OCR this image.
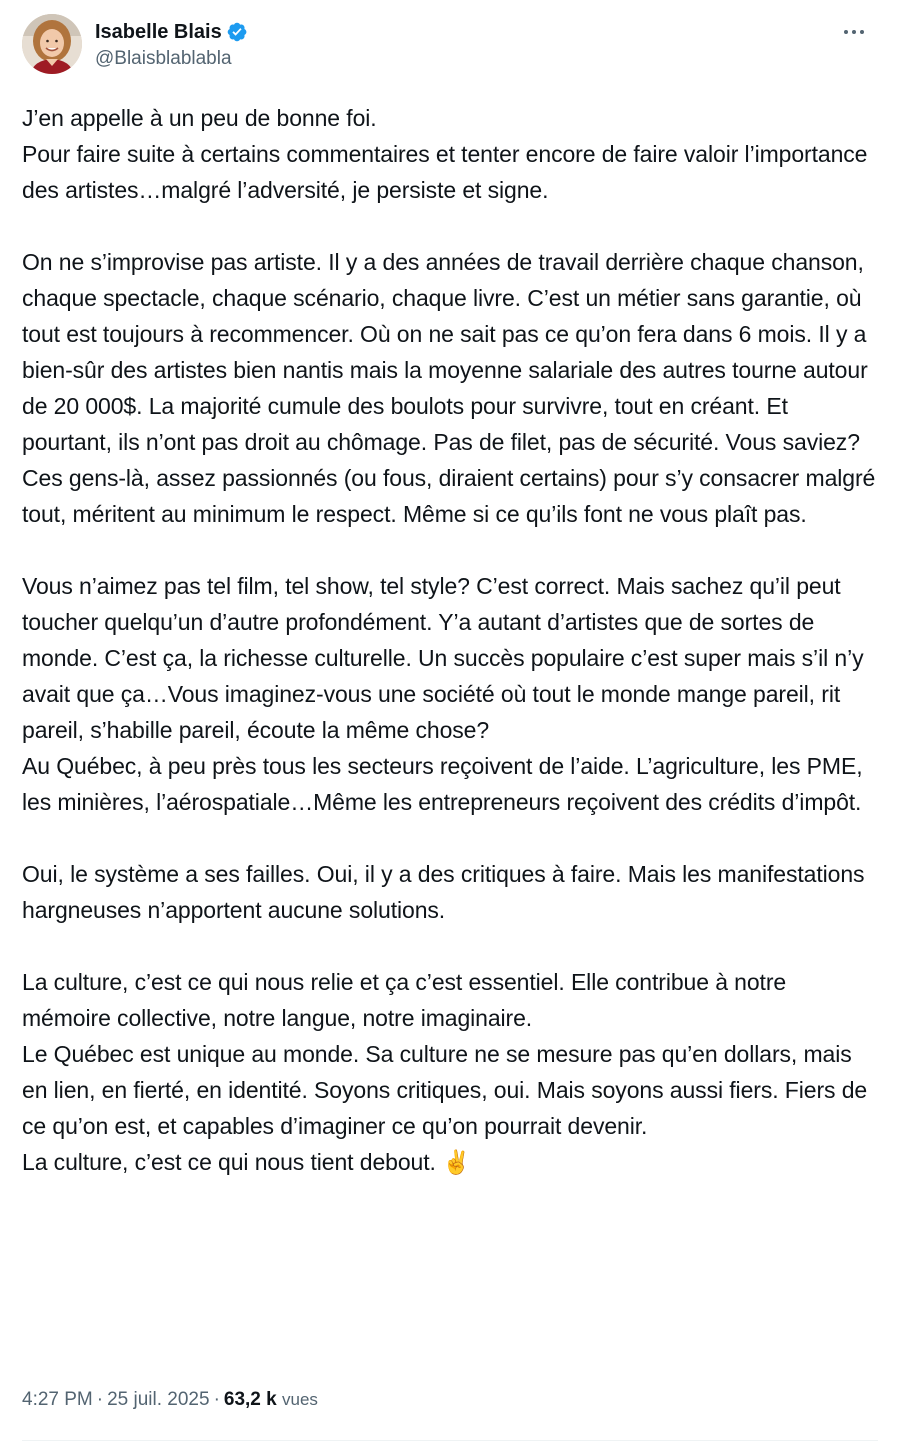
Isabelle Blais
@Blaisblablabla
J’en appelle à un peu de bonne foi.
Pour faire suite à certains commentaires et tenter encore de faire valoir l’importance des artistes…malgré l’adversité, je persiste et signe.

On ne s’improvise pas artiste. Il y a des années de travail derrière chaque chanson, chaque spectacle, chaque scénario, chaque livre. C’est un métier sans garantie, où tout est toujours à recommencer. Où on ne sait pas ce qu’on fera dans 6 mois. Il y a bien-sûr des artistes bien nantis mais la moyenne salariale des autres tourne autour de 20 000$. La majorité cumule des boulots pour survivre, tout en créant. Et pourtant, ils n’ont pas droit au chômage. Pas de filet, pas de sécurité. Vous saviez? Ces gens-là, assez passionnés (ou fous, diraient certains) pour s’y consacrer malgré tout, méritent au minimum le respect. Même si ce qu’ils font ne vous plaît pas.

Vous n’aimez pas tel film, tel show, tel style? C’est correct. Mais sachez qu’il peut toucher quelqu’un d’autre profondément. Y’a autant d’artistes que de sortes de monde. C’est ça, la richesse culturelle. Un succès populaire c’est super mais s’il n’y avait que ça…Vous imaginez-vous une société où tout le monde mange pareil, rit pareil, s’habille pareil, écoute la même chose?
Au Québec, à peu près tous les secteurs reçoivent de l’aide. L’agriculture, les PME, les minières, l’aérospatiale…Même les entrepreneurs reçoivent des crédits d’impôt.

Oui, le système a ses failles. Oui, il y a des critiques à faire. Mais les manifestations hargneuses n’apportent aucune solutions.

La culture, c’est ce qui nous relie et ça c’est essentiel. Elle contribue à notre mémoire collective, notre langue, notre imaginaire.
Le Québec est unique au monde. Sa culture ne se mesure pas qu’en dollars, mais en lien, en fierté, en identité. Soyons critiques, oui. Mais soyons aussi fiers. Fiers de ce qu’on est, et capables d’imaginer ce qu’on pourrait devenir.
La culture, c’est ce qui nous tient debout. ✌️
4:27 PM · 25 juil. 2025 · 63,2 k vues
